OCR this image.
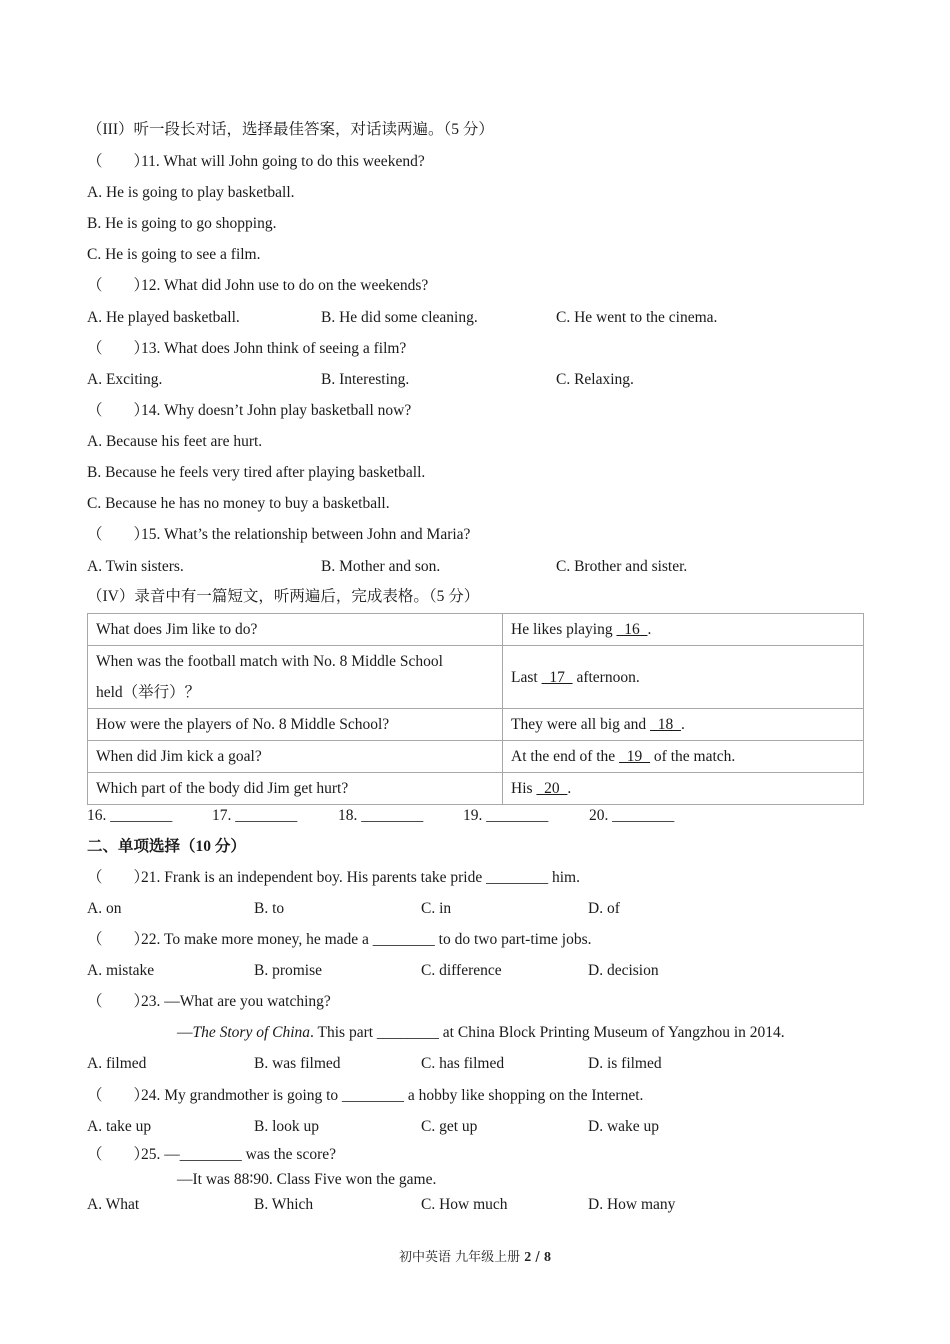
（III）听一段长对话，选择最佳答案，对话读两遍。（5 分）
（　　）11. What will John going to do this weekend?
A. He is going to play basketball.
B. He is going to go shopping.
C. He is going to see a film.
（　　）12. What did John use to do on the weekends?
A. He played basketball.	B. He did some cleaning.	C. He went to the cinema.
（　　）13. What does John think of seeing a film?
A. Exciting.	B. Interesting.	C. Relaxing.
（　　）14. Why doesn’t John play basketball now?
A. Because his feet are hurt.
B. Because he feels very tired after playing basketball.
C. Because he has no money to buy a basketball.
（　　）15. What’s the relationship between John and Maria?
A. Twin sisters.	B. Mother and son.	C. Brother and sister.
（IV）录音中有一篇短文，听两遍后，完成表格。（5 分）
What does Jim like to do?	He likes playing   16  .

When was the football match with No. 8 Middle School
held（举行）？	Last   17   afternoon.
How were the players of No. 8 Middle School?	They were all big and   18  .
When did Jim kick a goal?	At the end of the   19   of the match.
Which part of the body did Jim get hurt?	His   20  .
16. ________	17. ________	18. ________	19. ________	20. ________
二、单项选择（10 分）
（　　）21. Frank is an independent boy. His parents take pride ________ him.
A. on	B. to	C. in	D. of
（　　）22. To make more money, he made a ________ to do two part-time jobs.
A. mistake	B. promise	C. difference	D. decision
（　　）23. —What are you watching?
—The Story of China. This part ________ at China Block Printing Museum of Yangzhou in 2014.
A. filmed	B. was filmed	C. has filmed	D. is filmed
（　　）24. My grandmother is going to ________ a hobby like shopping on the Internet.
A. take up	B. look up	C. get up	D. wake up
（　　）25. —________ was the score?
—It was 88∶90. Class Five won the game.
A. What	B. Which	C. How much	D. How many
初中英语 九年级上册 2 / 8
